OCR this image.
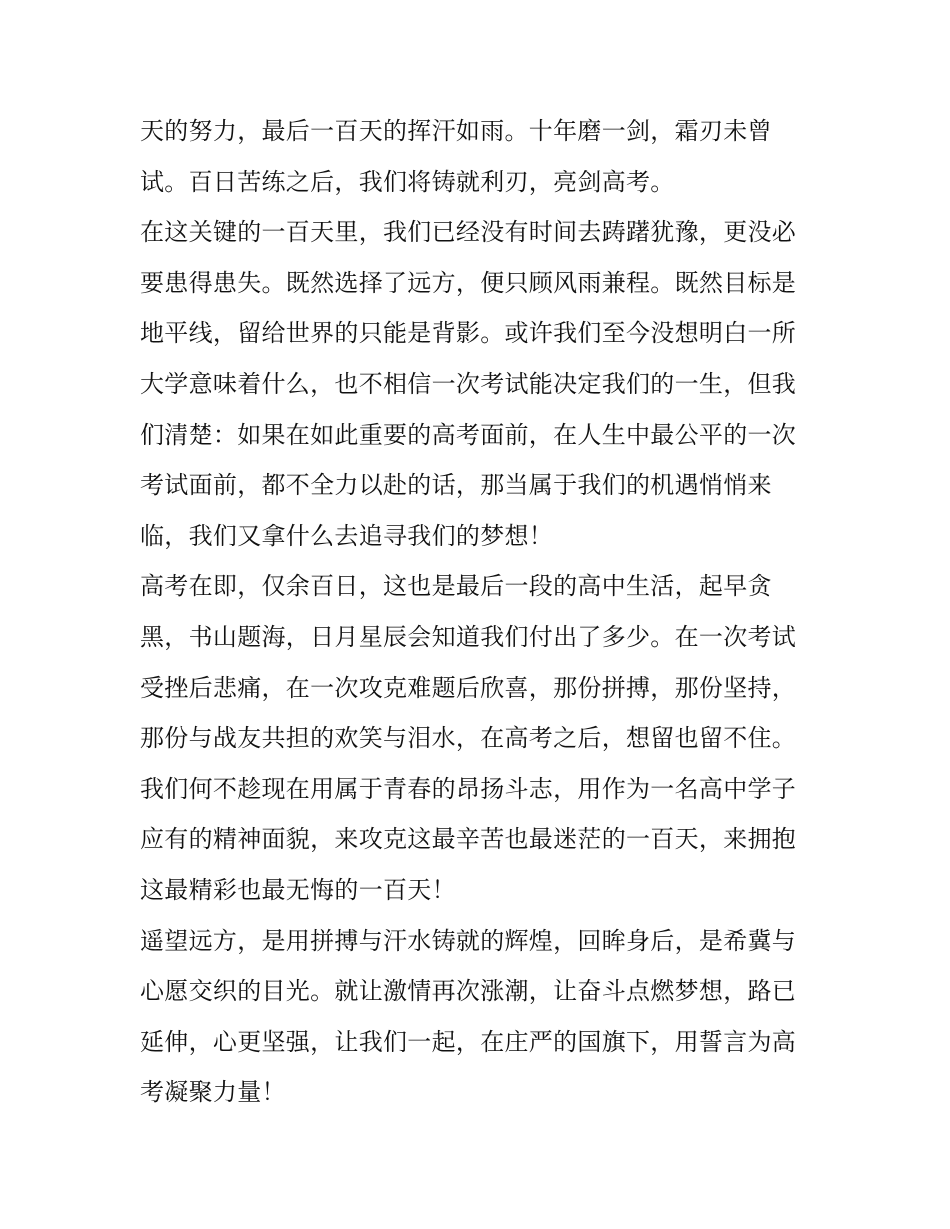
天的努力，最后一百天的挥汗如雨。十年磨一剑，霜刃未曾
试。百日苦练之后，我们将铸就利刃，亮剑高考。
在这关键的一百天里，我们已经没有时间去踌躇犹豫，更没必
要患得患失。既然选择了远方，便只顾风雨兼程。既然目标是
地平线，留给世界的只能是背影。或许我们至今没想明白一所
大学意味着什么，也不相信一次考试能决定我们的一生，但我
们清楚：如果在如此重要的高考面前，在人生中最公平的一次
考试面前，都不全力以赴的话，那当属于我们的机遇悄悄来
临，我们又拿什么去追寻我们的梦想！
高考在即，仅余百日，这也是最后一段的高中生活，起早贪
黑，书山题海，日月星辰会知道我们付出了多少。在一次考试
受挫后悲痛，在一次攻克难题后欣喜，那份拼搏，那份坚持，
那份与战友共担的欢笑与泪水，在高考之后，想留也留不住。
我们何不趁现在用属于青春的昂扬斗志，用作为一名高中学子
应有的精神面貌，来攻克这最辛苦也最迷茫的一百天，来拥抱
这最精彩也最无悔的一百天！
遥望远方，是用拼搏与汗水铸就的辉煌，回眸身后，是希冀与
心愿交织的目光。就让激情再次涨潮，让奋斗点燃梦想，路已
延伸，心更坚强，让我们一起，在庄严的国旗下，用誓言为高
考凝聚力量！
